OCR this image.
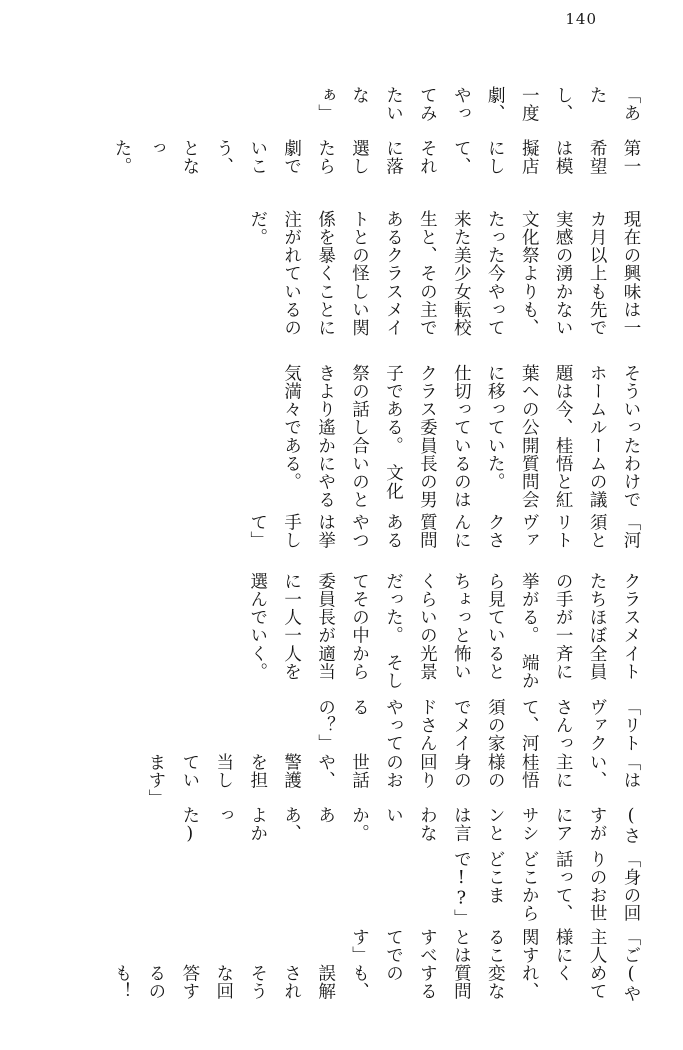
140

「あたし、一度劇、やってみたいなぁ」

第一希望は模擬店にして、それに落選したら劇でいこう、となった。

現在の興味は一カ月以上も先で実感の湧かない文化祭よりも、たった今やって来た美少女転校生と、その主であるクラスメイトとの怪しい関係を暴くことに注がれているのだ。

そういったわけでホームルームの議題は今、桂悟と紅葉への公開質問会に移っていた。　仕切っているのはクラス委員長の男子である。　文化祭の話し合いのときより遙かにやる気満々である。

「河須とリトヴァクさんに質問あるやつは挙手して」

クラスメイトたちほぼ全員の手が一斉に挙がる。　端から見ているとちょっと怖いくらいの光景だった。　そしてその中から委員長が適当に一人一人を選んでいく。

「リトヴァクさんって、河須の家でメイドさんやってるの？」

「はい、主に桂悟様の身の回りのお世話や、警護を担当しています」

(さすがにアサシンとは言わないか。ああ、よかった)

「身の回りのお世話って、どこからどこまで!?」

「ご主人様に関することはすべてです」

(やめてくれ、変な質問するのも、誤解されそうな回答するのも！
